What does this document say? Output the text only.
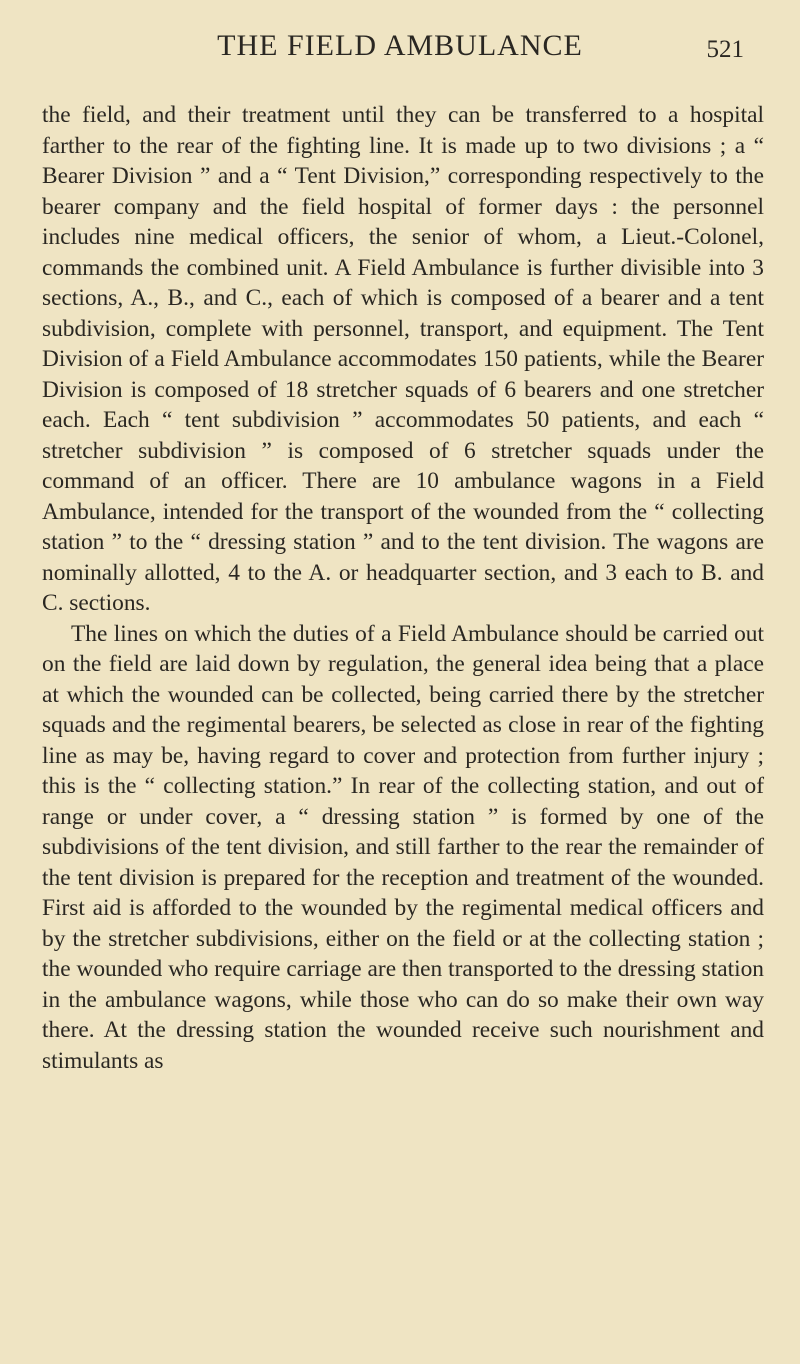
THE FIELD AMBULANCE	521

the field, and their treatment until they can be transferred to a hospital farther to the rear of the fighting line. It is made up to two divisions ; a “ Bearer Division ” and a “ Tent Division,” corresponding respectively to the bearer company and the field hospital of former days : the personnel includes nine medical officers, the senior of whom, a Lieut.-Colonel, commands the combined unit. A Field Ambulance is further divisible into 3 sections, A., B., and C., each of which is composed of a bearer and a tent subdivision, complete with personnel, transport, and equipment. The Tent Division of a Field Ambulance accommodates 150 patients, while the Bearer Division is composed of 18 stretcher squads of 6 bearers and one stretcher each. Each “ tent subdivision ” accommodates 50 patients, and each “ stretcher subdivision ” is composed of 6 stretcher squads under the command of an officer. There are 10 ambulance wagons in a Field Ambulance, intended for the transport of the wounded from the “ collecting station ” to the “ dressing station ” and to the tent division. The wagons are nominally allotted, 4 to the A. or headquarter section, and 3 each to B. and C. sections.

The lines on which the duties of a Field Ambulance should be carried out on the field are laid down by regulation, the general idea being that a place at which the wounded can be collected, being carried there by the stretcher squads and the regimental bearers, be selected as close in rear of the fighting line as may be, having regard to cover and protection from further injury ; this is the “ collecting station.” In rear of the collecting station, and out of range or under cover, a “ dressing station ” is formed by one of the subdivisions of the tent division, and still farther to the rear the remainder of the tent division is prepared for the reception and treatment of the wounded. First aid is afforded to the wounded by the regimental medical officers and by the stretcher subdivisions, either on the field or at the collecting station ; the wounded who require carriage are then transported to the dressing station in the ambulance wagons, while those who can do so make their own way there. At the dressing station the wounded receive such nourishment and stimulants as
